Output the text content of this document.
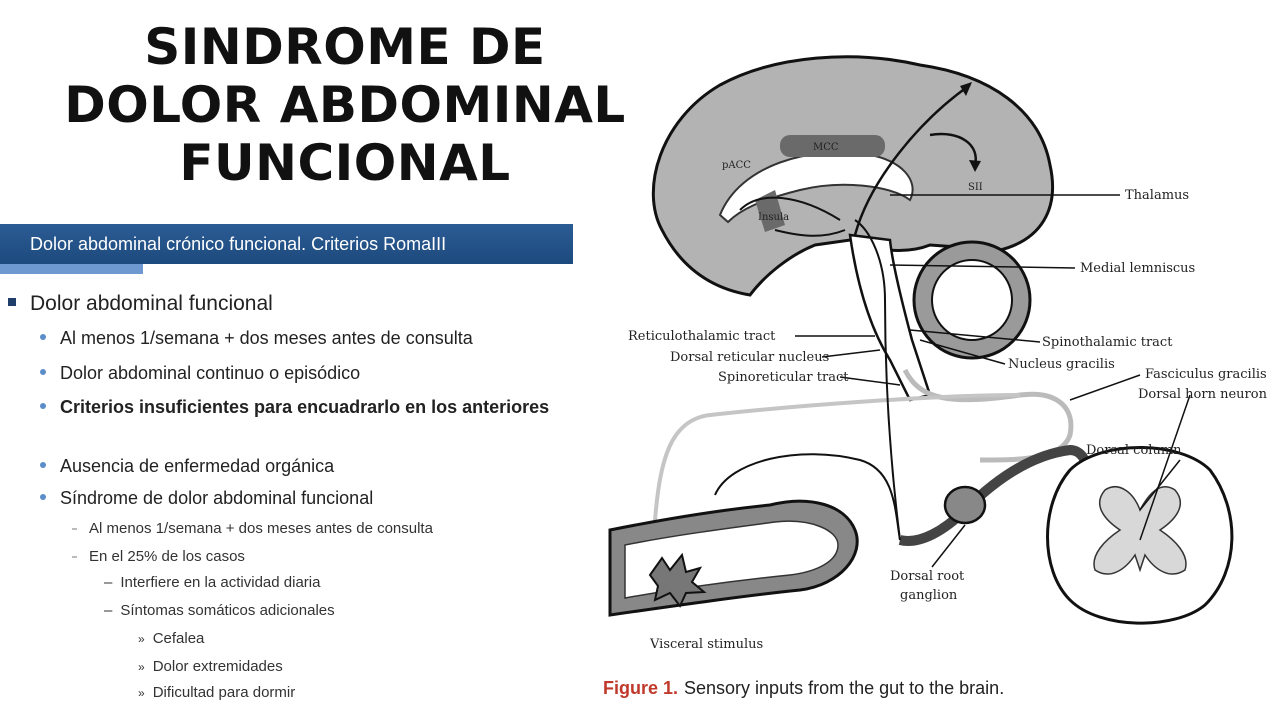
SINDROME DE
DOLOR ABDOMINAL
FUNCIONAL
Dolor abdominal crónico funcional. Criterios RomaIII
Dolor abdominal funcional
Al menos 1/semana + dos meses antes de consulta
Dolor abdominal continuo o episódico
Criterios insuficientes para encuadrarlo en los anteriores
Ausencia de enfermedad orgánica
Síndrome de dolor abdominal funcional
Al menos 1/semana + dos meses antes de consulta
En el 25% de los casos
– Interfiere en la actividad diaria
– Síntomas somáticos adicionales
» Cefalea
» Dolor extremidades
» Dificultad para dormir
MCC
pACC
SII
Insula
Thalamus
Medial lemniscus
Reticulothalamic tract
Dorsal reticular nucleus
Spinoreticular tract
Spinothalamic tract
Nucleus gracilis
Fasciculus gracilis
Dorsal horn neuron
Dorsal column
Dorsal root
ganglion
Visceral stimulus
Figure 1. Sensory inputs from the gut to the brain.
